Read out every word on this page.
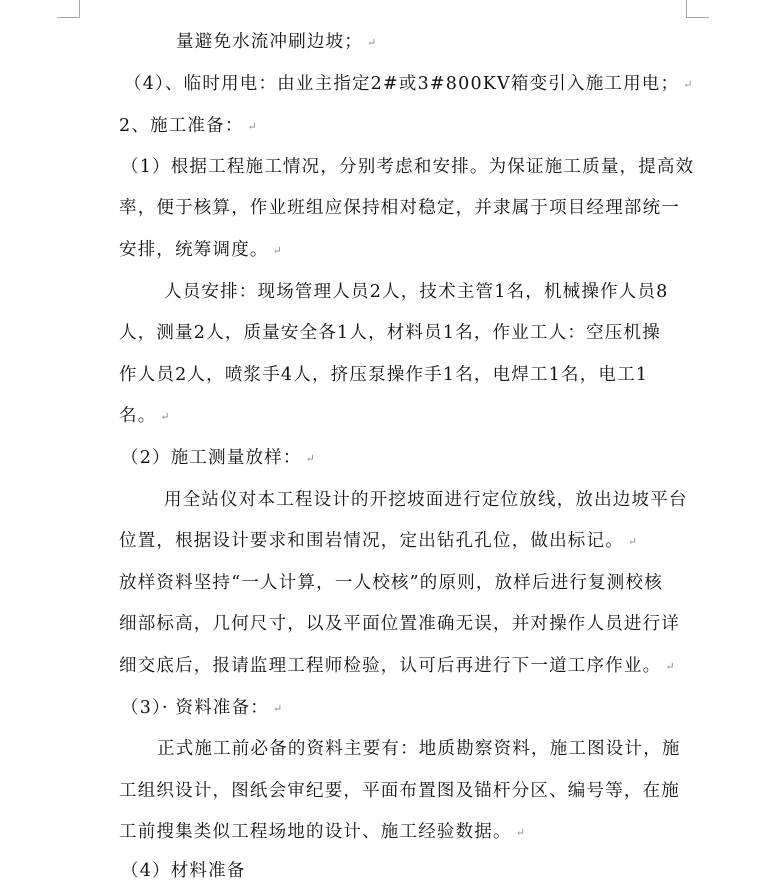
量避免水流冲刷边坡； ↵
（4）、临时用电：由业主指定2#或3#800KV箱变引入施工用电； ↵
2、施工准备： ↵
（1）根据工程施工情况，分别考虑和安排。为保证施工质量，提高效
率，便于核算，作业班组应保持相对稳定，并隶属于项目经理部统一
安排，统筹调度。 ↵
人员安排：现场管理人员2人，技术主管1名，机械操作人员8
人，测量2人，质量安全各1人，材料员1名，作业工人：空压机操
作人员2人，喷浆手4人，挤压泵操作手1名，电焊工1名，电工1
名。 ↵
（2）施工测量放样： ↵
用全站仪对本工程设计的开挖坡面进行定位放线，放出边坡平台
位置，根据设计要求和围岩情况，定出钻孔孔位，做出标记。 ↵
放样资料坚持“一人计算，一人校核”的原则，放样后进行复测校核
细部标高，几何尺寸，以及平面位置准确无误，并对操作人员进行详
细交底后，报请监理工程师检验，认可后再进行下一道工序作业。 ↵
（3）· 资料准备： ↵
正式施工前必备的资料主要有：地质勘察资料，施工图设计，施
工组织设计，图纸会审纪要，平面布置图及锚杆分区、编号等，在施
工前搜集类似工程场地的设计、施工经验数据。 ↵
（4）材料准备
